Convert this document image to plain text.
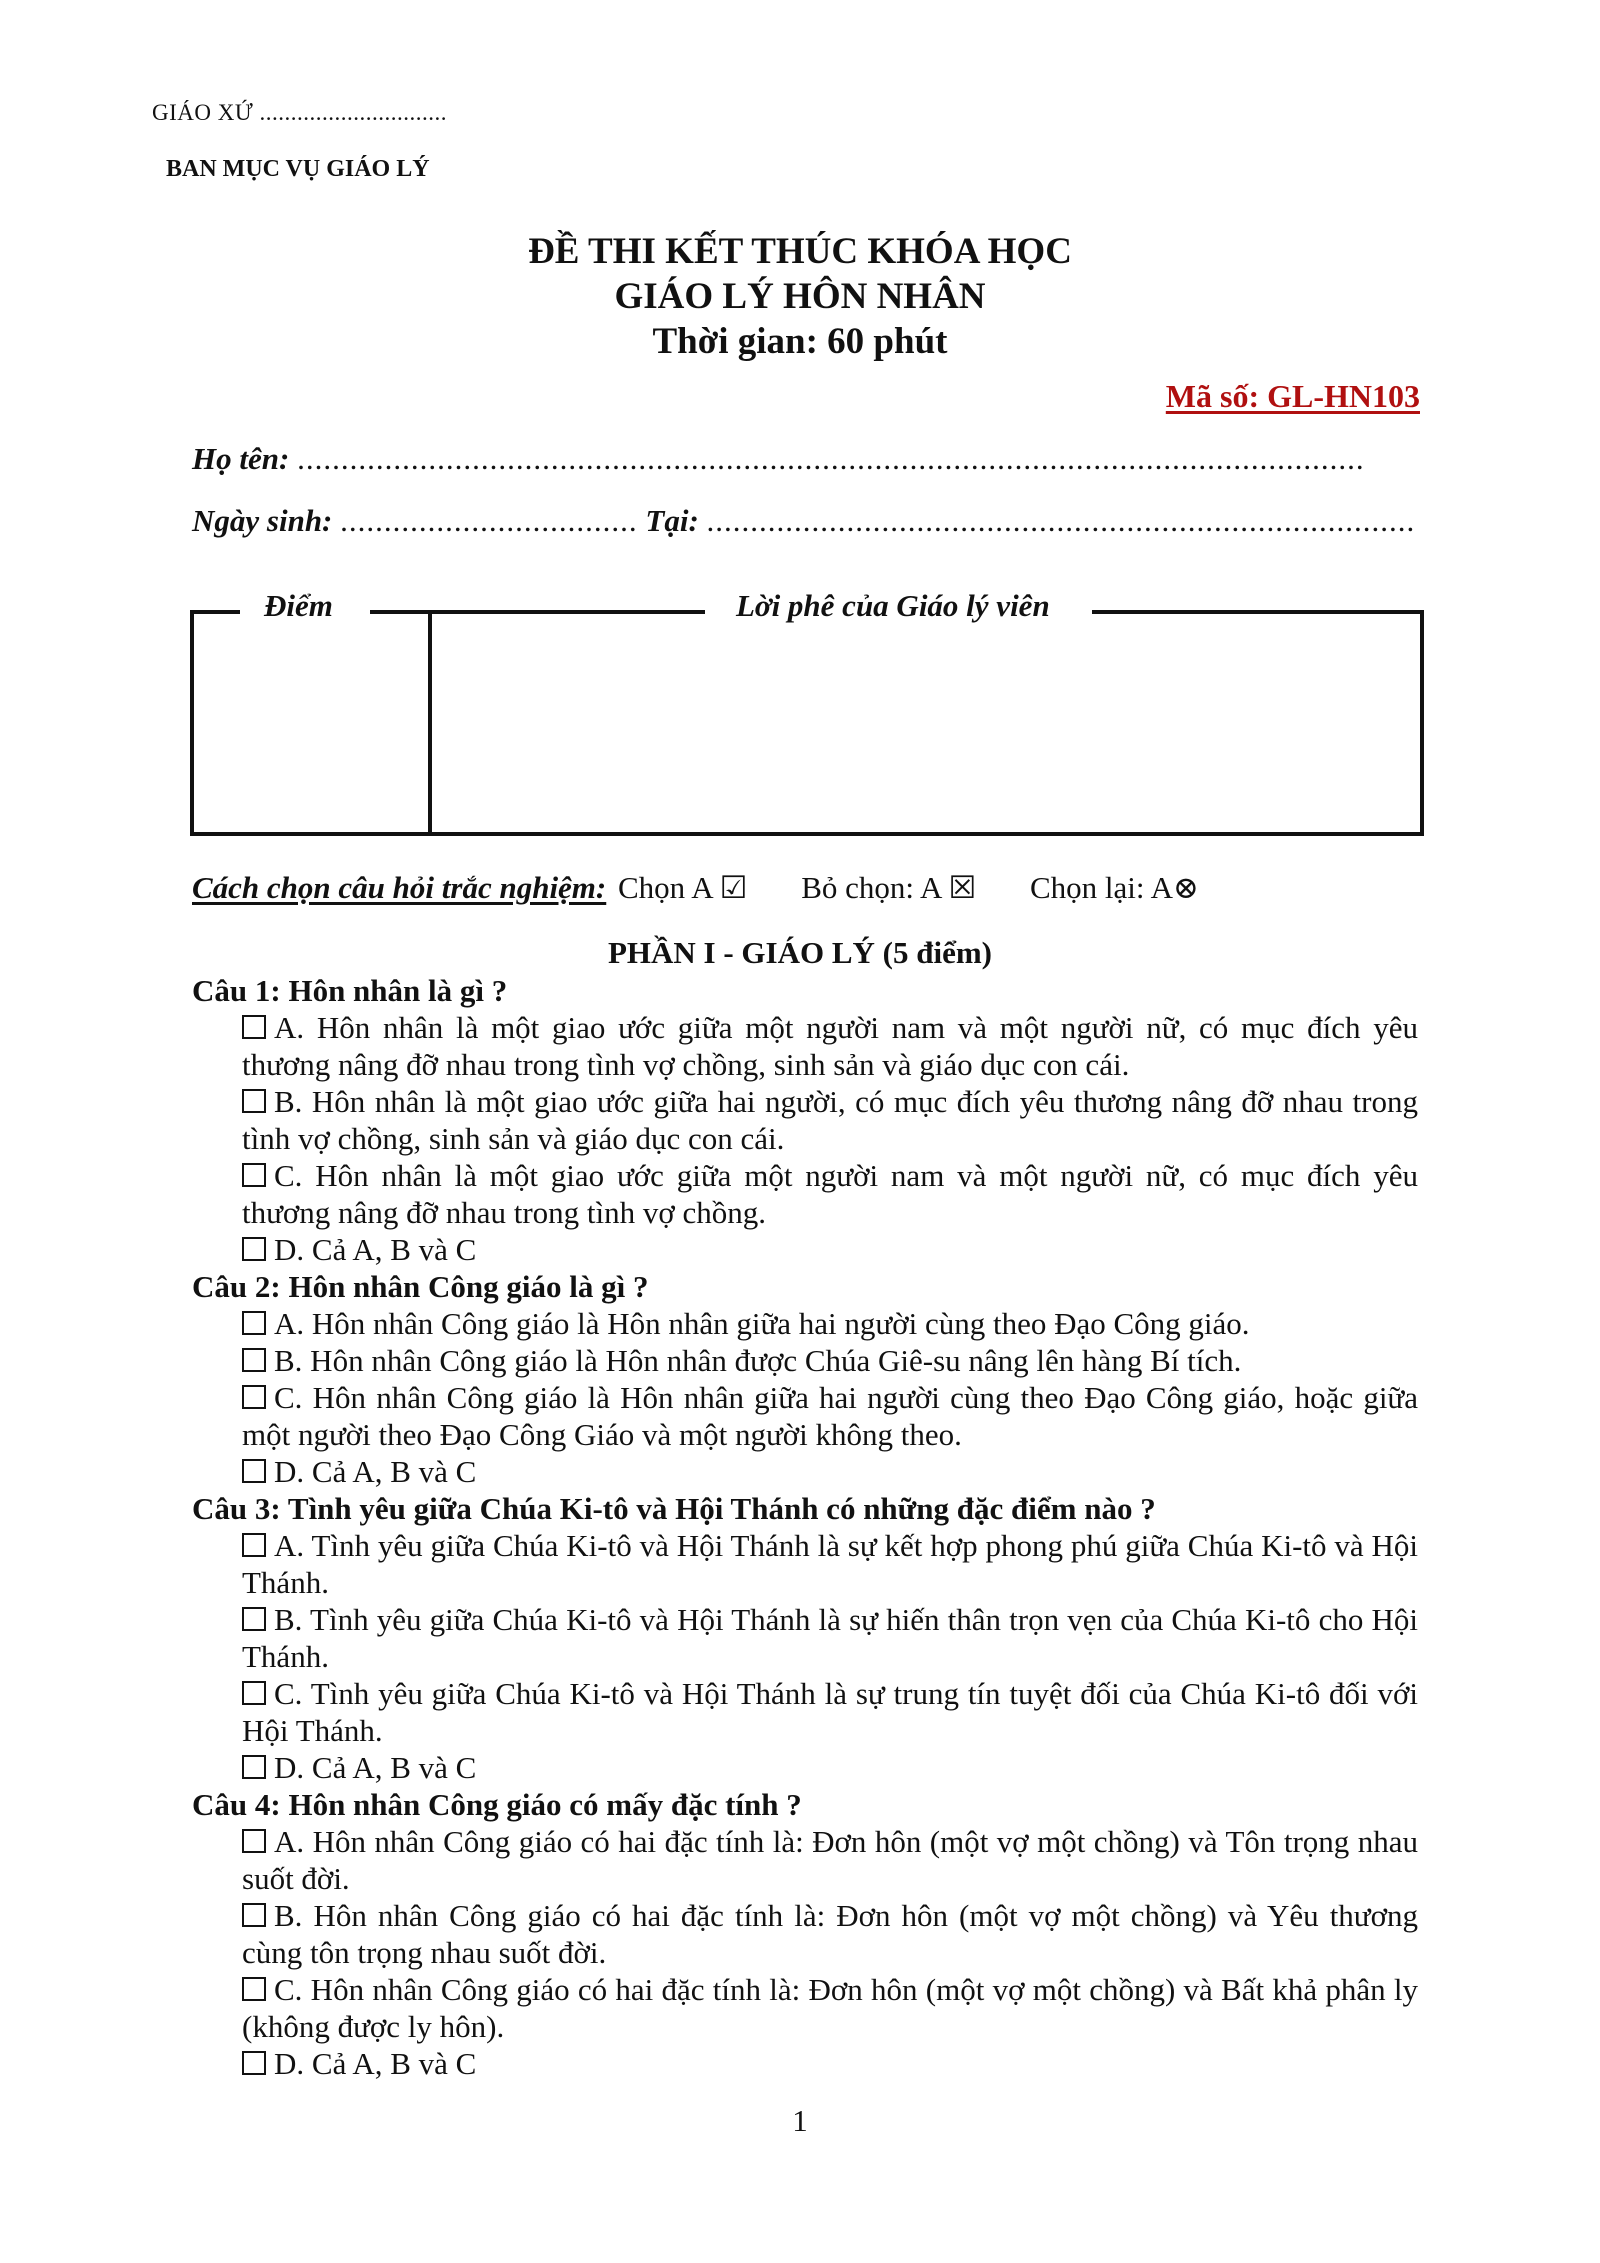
GIÁO XỨ ..............................
BAN MỤC VỤ GIÁO LÝ
ĐỀ THI KẾT THÚC KHÓA HỌC
GIÁO LÝ HÔN NHÂN
Thời gian: 60 phút
Mã số: GL-HN103
Họ tên: ..........................................................................................................................
Ngày sinh: .................................. Tại: .................................................................................
Điểm	Lời phê của Giáo lý viên
Cách chọn câu hỏi trắc nghiệm: Chọn A ☑ Bỏ chọn: A ☒ Chọn lại: A⊗
PHẦN I - GIÁO LÝ (5 điểm)
Câu 1: Hôn nhân là gì ?
A. Hôn nhân là một giao ước giữa một người nam và một người nữ, có mục đích yêu thương nâng đỡ nhau trong tình vợ chồng, sinh sản và giáo dục con cái.
B. Hôn nhân là một giao ước giữa hai người, có mục đích yêu thương nâng đỡ nhau trong tình vợ chồng, sinh sản và giáo dục con cái.
C. Hôn nhân là một giao ước giữa một người nam và một người nữ, có mục đích yêu thương nâng đỡ nhau trong tình vợ chồng.
D. Cả A, B và C
Câu 2: Hôn nhân Công giáo là gì ?
A. Hôn nhân Công giáo là Hôn nhân giữa hai người cùng theo Đạo Công giáo.
B. Hôn nhân Công giáo là Hôn nhân được Chúa Giê-su nâng lên hàng Bí tích.
C. Hôn nhân Công giáo là Hôn nhân giữa hai người cùng theo Đạo Công giáo, hoặc giữa một người theo Đạo Công Giáo và một người không theo.
D. Cả A, B và C
Câu 3: Tình yêu giữa Chúa Ki-tô và Hội Thánh có những đặc điểm nào ?
A. Tình yêu giữa Chúa Ki-tô và Hội Thánh là sự kết hợp phong phú giữa Chúa Ki-tô và Hội Thánh.
B. Tình yêu giữa Chúa Ki-tô và Hội Thánh là sự hiến thân trọn vẹn của Chúa Ki-tô cho Hội Thánh.
C. Tình yêu giữa Chúa Ki-tô và Hội Thánh là sự trung tín tuyệt đối của Chúa Ki-tô đối với Hội Thánh.
D. Cả A, B và C
Câu 4: Hôn nhân Công giáo có mấy đặc tính ?
A. Hôn nhân Công giáo có hai đặc tính là: Đơn hôn (một vợ một chồng) và Tôn trọng nhau suốt đời.
B. Hôn nhân Công giáo có hai đặc tính là: Đơn hôn (một vợ một chồng) và Yêu thương cùng tôn trọng nhau suốt đời.
C. Hôn nhân Công giáo có hai đặc tính là: Đơn hôn (một vợ một chồng) và Bất khả phân ly (không được ly hôn).
D. Cả A, B và C
1
